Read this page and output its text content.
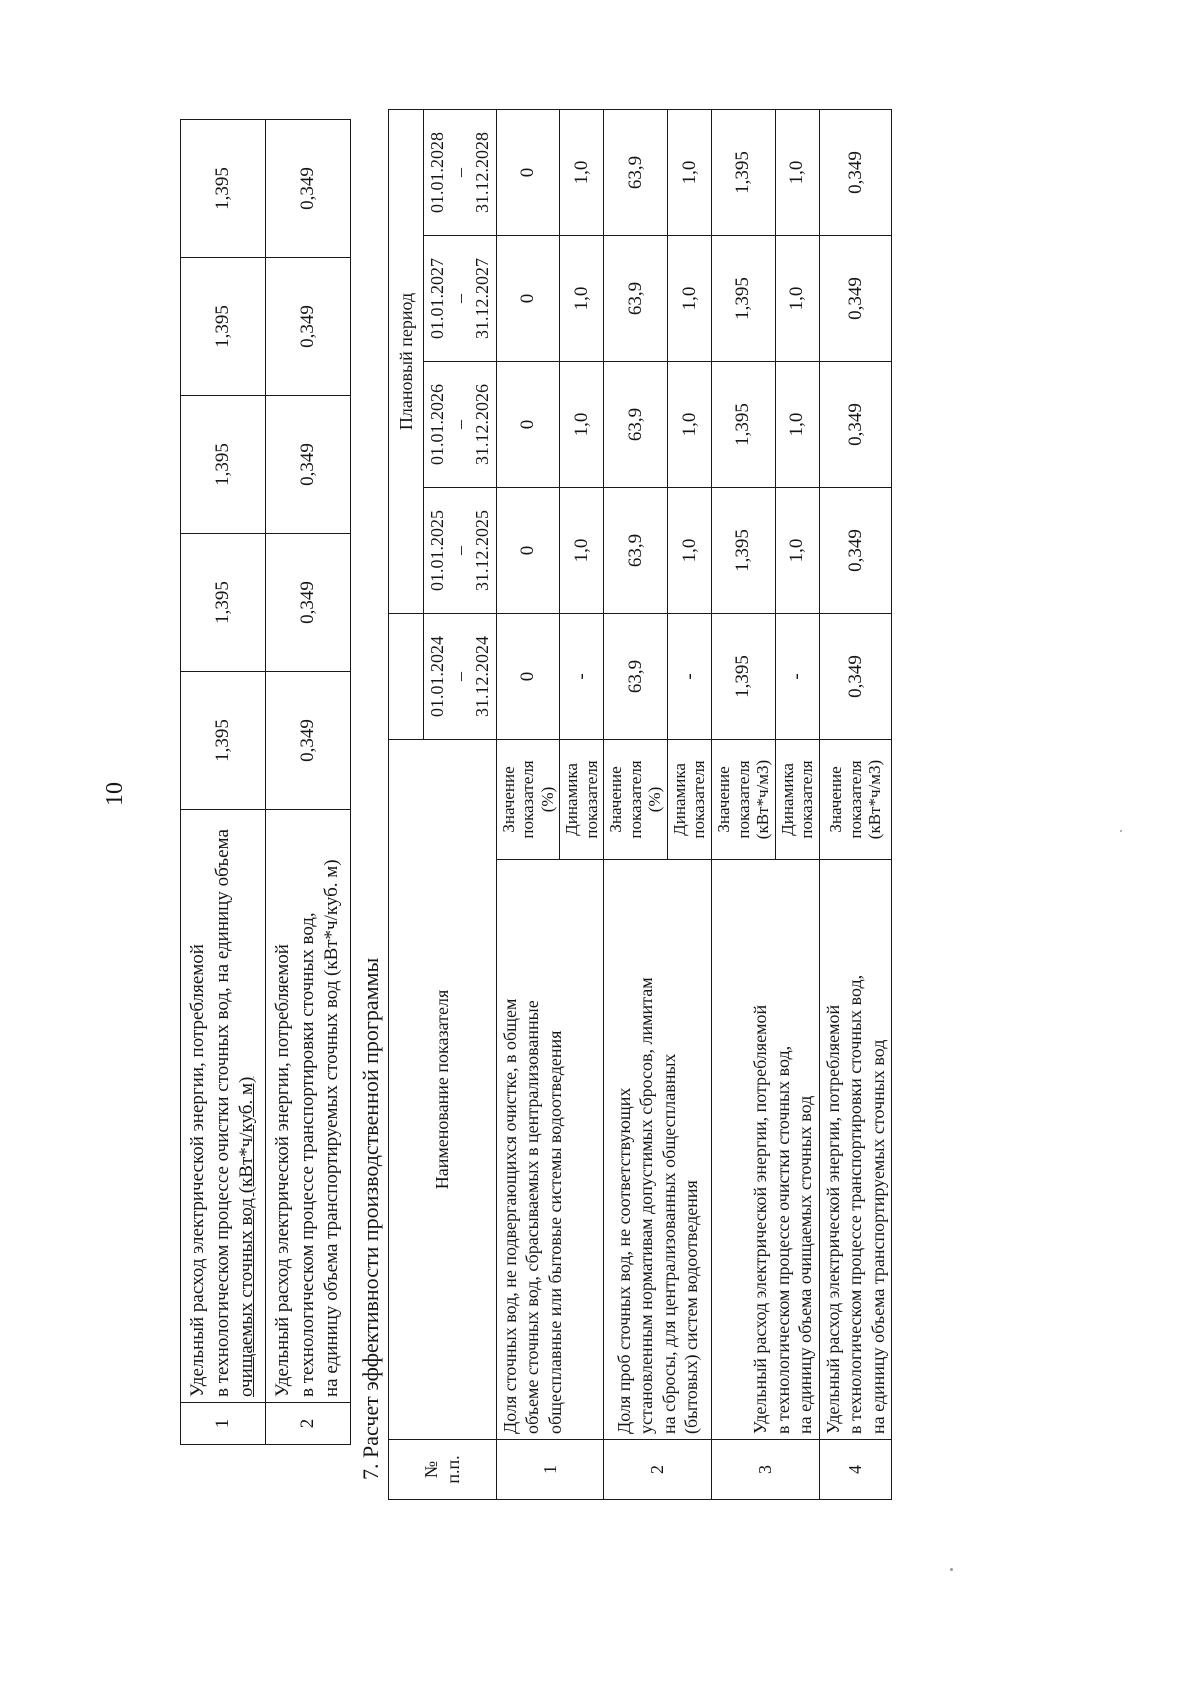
10
1	Удельный расход электрической энергии, потребляемой в технологическом процессе очистки сточных вод, на единицу объема очищаемых сточных вод (кВт*ч/куб. м)	1,395	1,395	1,395	1,395	1,395
2	Удельный расход электрической энергии, потребляемой в технологическом процессе транспортировки сточных вод, на единицу объема транспортируемых сточных вод (кВт*ч/куб. м)	0,349	0,349	0,349	0,349	0,349
7. Расчет эффективности производственной программы № п.п.	Наименование показателя			Плановый период			

			01.01.2024 – 31.12.2024	01.01.2025 – 31.12.2025	01.01.2026 – 31.12.2026	01.01.2027 – 31.12.2027	01.01.2028 – 31.12.2028

1	Доля сточных вод, не подвергающихся очистке, в общем объеме сточных вод, сбрасываемых в централизованные общесплавные или бытовые системы водоотведения	Значение показателя (%)	0	0	0	0	0

		Динамика показателя	-	1,0	1,0	1,0	1,0
2	Доля проб сточных вод, не соответствующих установленным нормативам допустимых сбросов, лимитам на сбросы, для централизованных общесплавных (бытовых) систем водоотведения	Значение показателя (%)	63,9	63,9	63,9	63,9	63,9

		Динамика показателя	-	1,0	1,0	1,0	1,0
3	Удельный расход электрической энергии, потребляемой в технологическом процессе очистки сточных вод, на единицу объема очищаемых сточных вод	Значение показателя (кВт*ч/м3)	1,395	1,395	1,395	1,395	1,395

		Динамика показателя	-	1,0	1,0	1,0	1,0
4	Удельный расход электрической энергии, потребляемой в технологическом процессе транспортировки сточных вод, на единицу объема транспортируемых сточных вод	Значение показателя (кВт*ч/м3)	0,349	0,349	0,349	0,349	0,349
